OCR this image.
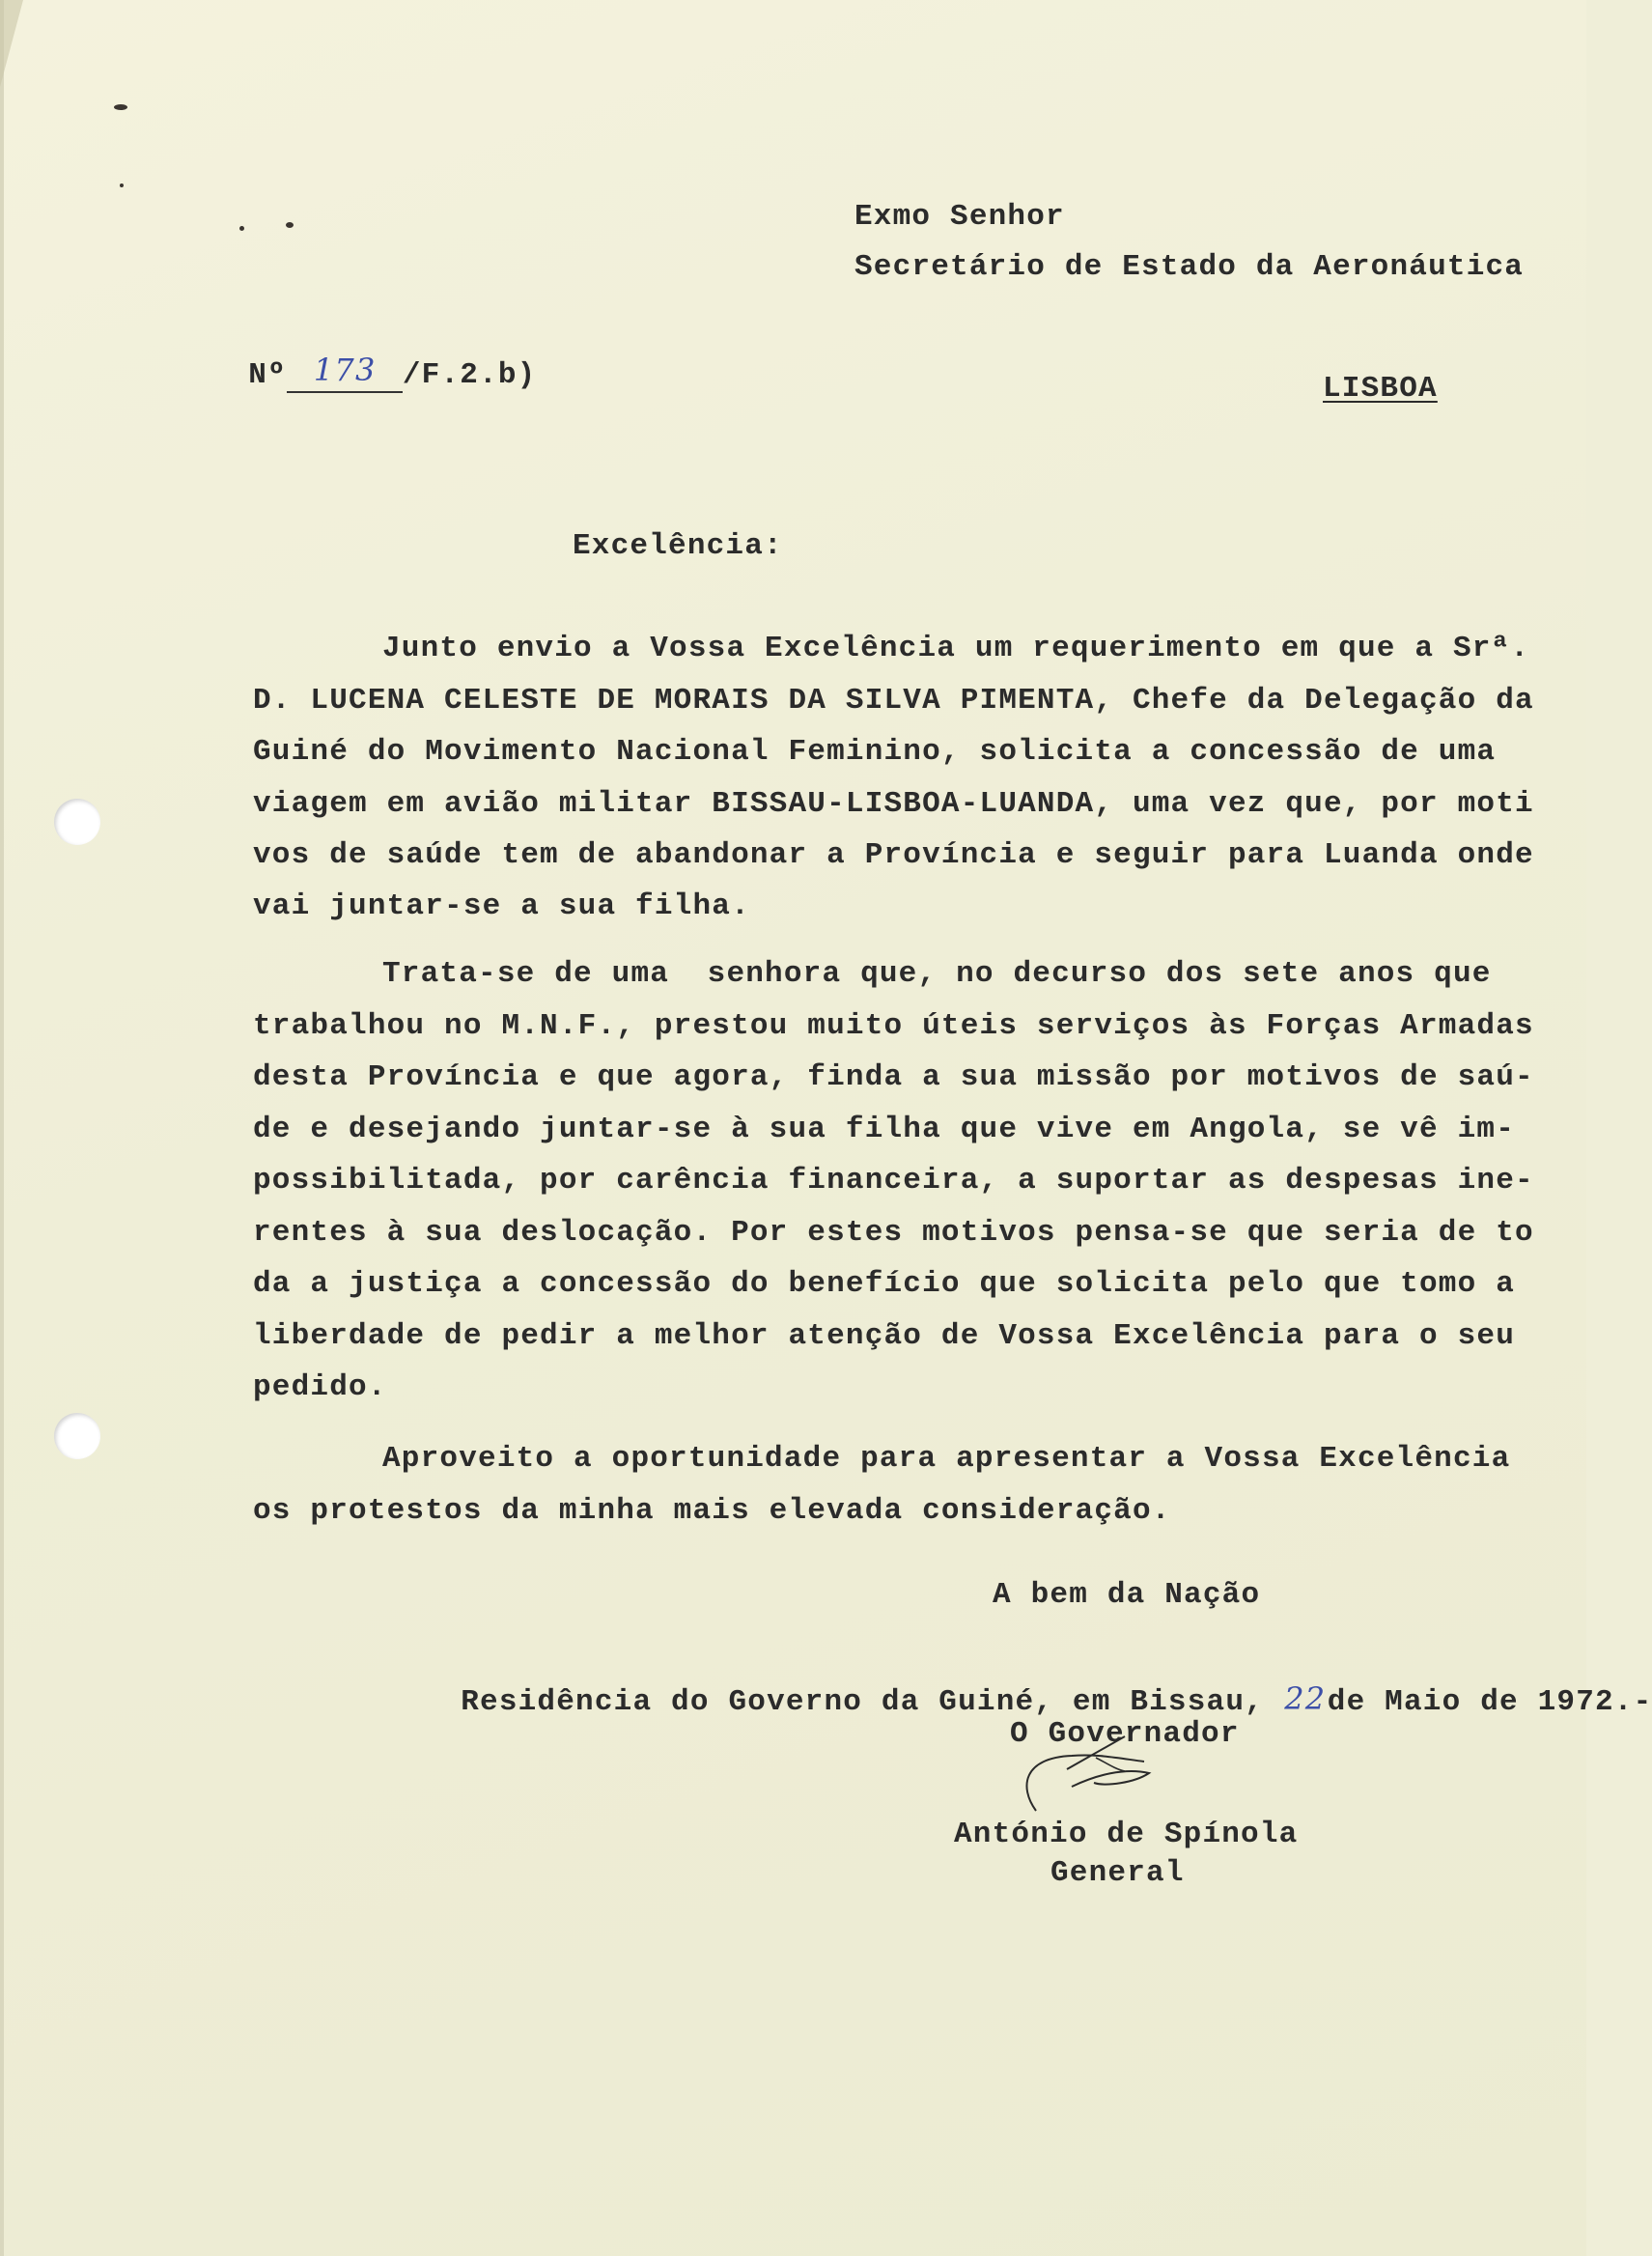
Exmo Senhor
Secretário de Estado da Aeronáutica

Nº 173 /F.2.b)
	LISBOA
Excelência:
Junto envio a Vossa Excelência um requerimento em que a Srª.
D. LUCENA CELESTE DE MORAIS DA SILVA PIMENTA, Chefe da Delegação da
Guiné do Movimento Nacional Feminino, solicita a concessão de uma
viagem em avião militar BISSAU-LISBOA-LUANDA, uma vez que, por moti
vos de saúde tem de abandonar a Província e seguir para Luanda onde
vai juntar-se a sua filha.
Trata-se de uma  senhora que, no decurso dos sete anos que
trabalhou no M.N.F., prestou muito úteis serviços às Forças Armadas
desta Província e que agora, finda a sua missão por motivos de saú-
de e desejando juntar-se à sua filha que vive em Angola, se vê im-
possibilitada, por carência financeira, a suportar as despesas ine-
rentes à sua deslocação. Por estes motivos pensa-se que seria de to
da a justiça a concessão do benefício que solicita pelo que tomo a
liberdade de pedir a melhor atenção de Vossa Excelência para o seu
pedido.
Aproveito a oportunidade para apresentar a Vossa Excelência
os protestos da minha mais elevada consideração.
A bem da Nação

Residência do Governo da Guiné, em Bissau, 22de Maio de 1972.-

O Governador
António de Spínola
General
